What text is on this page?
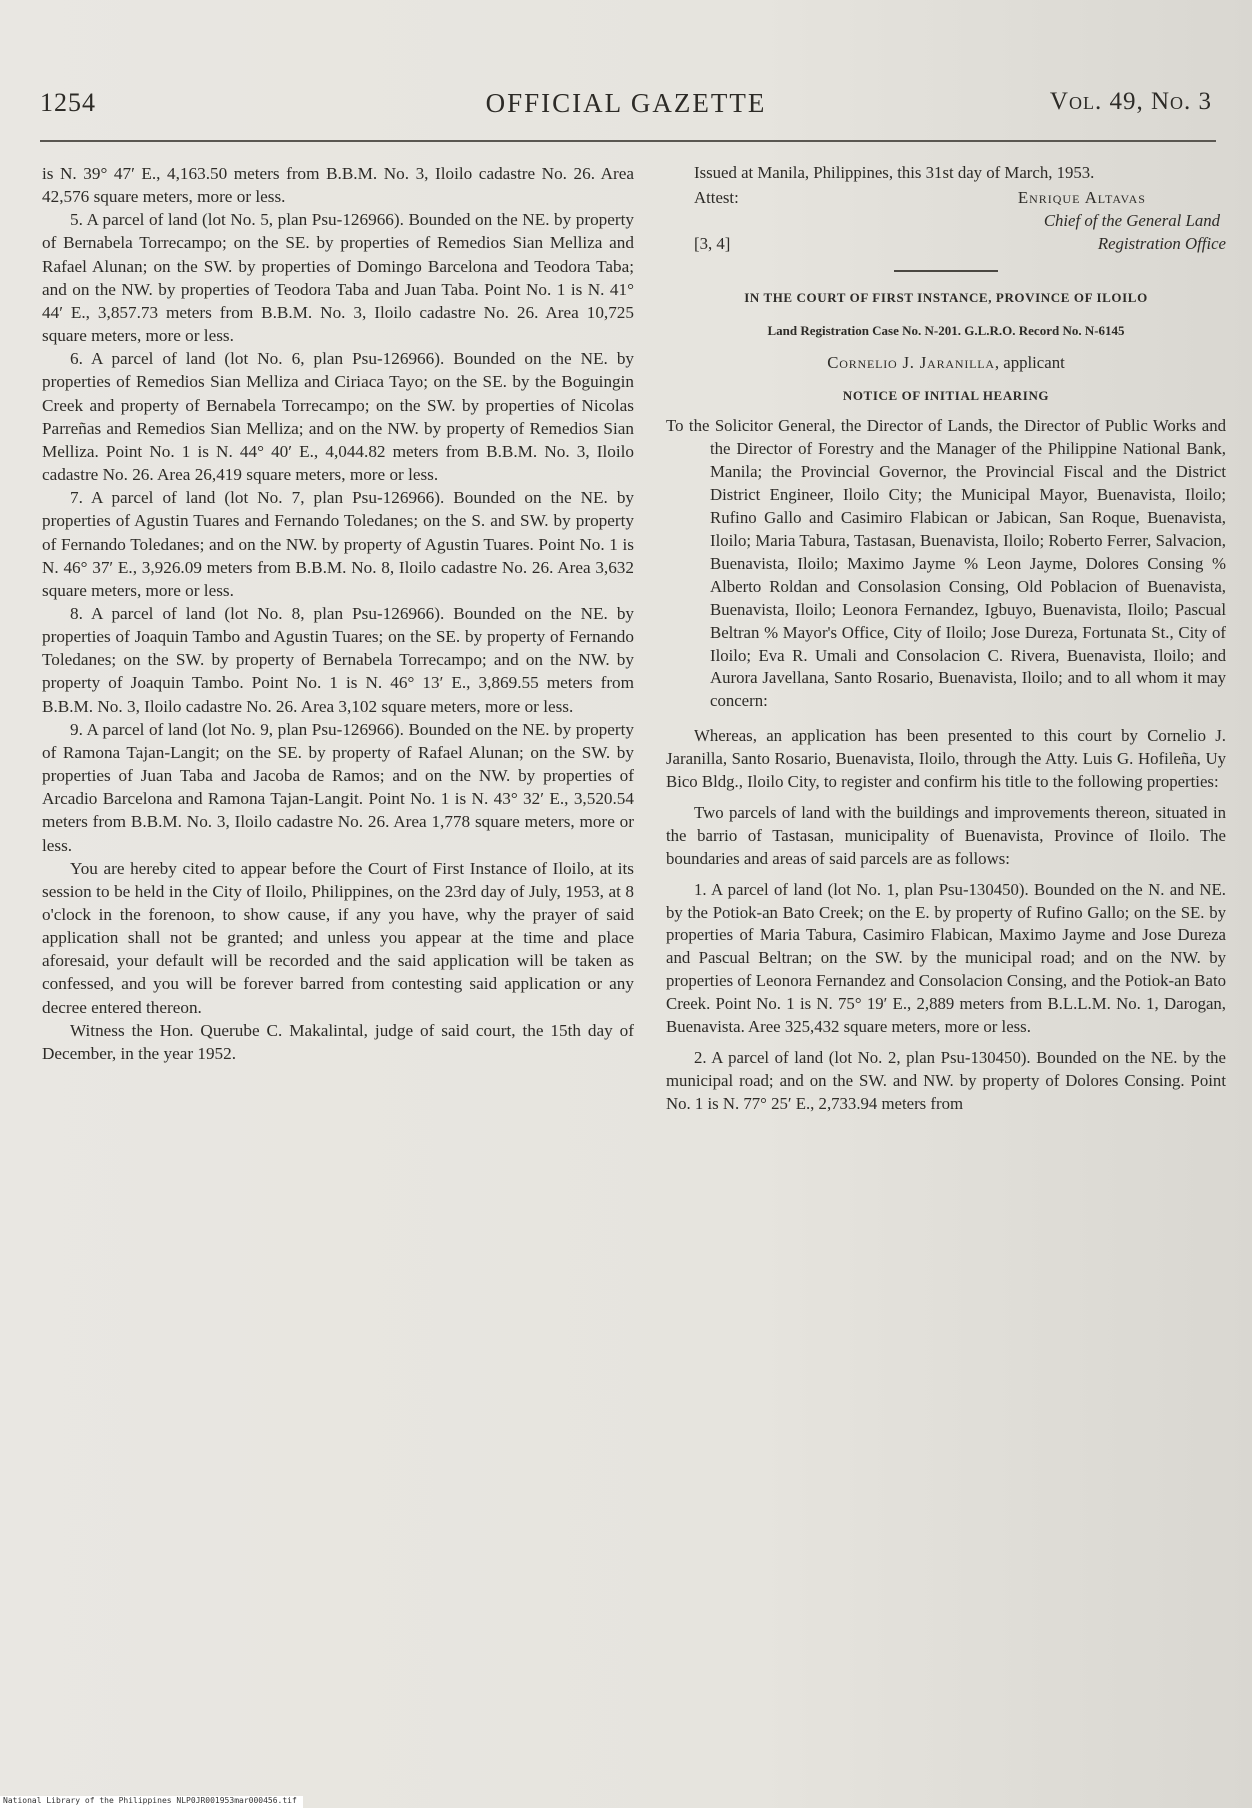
1254	OFFICIAL GAZETTE	Vol. 49, No. 3

is N. 39° 47′ E., 4,163.50 meters from B.B.M. No. 3, Iloilo cadastre No. 26. Area 42,576 square meters, more or less.

5. A parcel of land (lot No. 5, plan Psu-126966). Bounded on the NE. by property of Bernabela Torrecampo; on the SE. by properties of Remedios Sian Melliza and Rafael Alunan; on the SW. by properties of Domingo Barcelona and Teodora Taba; and on the NW. by properties of Teodora Taba and Juan Taba. Point No. 1 is N. 41° 44′ E., 3,857.73 meters from B.B.M. No. 3, Iloilo cadastre No. 26. Area 10,725 square meters, more or less.

6. A parcel of land (lot No. 6, plan Psu-126966). Bounded on the NE. by properties of Remedios Sian Melliza and Ciriaca Tayo; on the SE. by the Boguingin Creek and property of Bernabela Torrecampo; on the SW. by properties of Nicolas Parreñas and Remedios Sian Melliza; and on the NW. by property of Remedios Sian Melliza. Point No. 1 is N. 44° 40′ E., 4,044.82 meters from B.B.M. No. 3, Iloilo cadastre No. 26. Area 26,419 square meters, more or less.

7. A parcel of land (lot No. 7, plan Psu-126966). Bounded on the NE. by properties of Agustin Tuares and Fernando Toledanes; on the S. and SW. by property of Fernando Toledanes; and on the NW. by property of Agustin Tuares. Point No. 1 is N. 46° 37′ E., 3,926.09 meters from B.B.M. No. 8, Iloilo cadastre No. 26. Area 3,632 square meters, more or less.

8. A parcel of land (lot No. 8, plan Psu-126966). Bounded on the NE. by properties of Joaquin Tambo and Agustin Tuares; on the SE. by property of Fernando Toledanes; on the SW. by property of Bernabela Torrecampo; and on the NW. by property of Joaquin Tambo. Point No. 1 is N. 46° 13′ E., 3,869.55 meters from B.B.M. No. 3, Iloilo cadastre No. 26. Area 3,102 square meters, more or less.

9. A parcel of land (lot No. 9, plan Psu-126966). Bounded on the NE. by property of Ramona Tajan-Langit; on the SE. by property of Rafael Alunan; on the SW. by properties of Juan Taba and Jacoba de Ramos; and on the NW. by properties of Arcadio Barcelona and Ramona Tajan-Langit. Point No. 1 is N. 43° 32′ E., 3,520.54 meters from B.B.M. No. 3, Iloilo cadastre No. 26. Area 1,778 square meters, more or less.

You are hereby cited to appear before the Court of First Instance of Iloilo, at its session to be held in the City of Iloilo, Philippines, on the 23rd day of July, 1953, at 8 o'clock in the forenoon, to show cause, if any you have, why the prayer of said application shall not be granted; and unless you appear at the time and place aforesaid, your default will be recorded and the said application will be taken as confessed, and you will be forever barred from contesting said application or any decree entered thereon.

Witness the Hon. Querube C. Makalintal, judge of said court, the 15th day of December, in the year 1952.

Issued at Manila, Philippines, this 31st day of March, 1953.

Attest:	Enrique Altavas
Chief of the General Land
[3, 4]	Registration Office
IN THE COURT OF FIRST INSTANCE, PROVINCE OF ILOILO
Land Registration Case No. N-201. G.L.R.O. Record No. N-6145
Cornelio J. Jaranilla, applicant
NOTICE OF INITIAL HEARING

To the Solicitor General, the Director of Lands, the Director of Public Works and the Director of Forestry and the Manager of the Philippine National Bank, Manila; the Provincial Governor, the Provincial Fiscal and the District District Engineer, Iloilo City; the Municipal Mayor, Buenavista, Iloilo; Rufino Gallo and Casimiro Flabican or Jabican, San Roque, Buenavista, Iloilo; Maria Tabura, Tastasan, Buenavista, Iloilo; Roberto Ferrer, Salvacion, Buenavista, Iloilo; Maximo Jayme % Leon Jayme, Dolores Consing % Alberto Roldan and Consolasion Consing, Old Poblacion of Buenavista, Buenavista, Iloilo; Leonora Fernandez, Igbuyo, Buenavista, Iloilo; Pascual Beltran % Mayor's Office, City of Iloilo; Jose Dureza, Fortunata St., City of Iloilo; Eva R. Umali and Consolacion C. Rivera, Buenavista, Iloilo; and Aurora Javellana, Santo Rosario, Buenavista, Iloilo; and to all whom it may concern:

Whereas, an application has been presented to this court by Cornelio J. Jaranilla, Santo Rosario, Buenavista, Iloilo, through the Atty. Luis G. Hofileña, Uy Bico Bldg., Iloilo City, to register and confirm his title to the following properties:

Two parcels of land with the buildings and improvements thereon, situated in the barrio of Tastasan, municipality of Buenavista, Province of Iloilo. The boundaries and areas of said parcels are as follows:

1. A parcel of land (lot No. 1, plan Psu-130450). Bounded on the N. and NE. by the Potiok-an Bato Creek; on the E. by property of Rufino Gallo; on the SE. by properties of Maria Tabura, Casimiro Flabican, Maximo Jayme and Jose Dureza and Pascual Beltran; on the SW. by the municipal road; and on the NW. by properties of Leonora Fernandez and Consolacion Consing, and the Potiok-an Bato Creek. Point No. 1 is N. 75° 19′ E., 2,889 meters from B.L.L.M. No. 1, Darogan, Buenavista. Aree 325,432 square meters, more or less.

2. A parcel of land (lot No. 2, plan Psu-130450). Bounded on the NE. by the municipal road; and on the SW. and NW. by property of Dolores Consing. Point No. 1 is N. 77° 25′ E., 2,733.94 meters from

National Library of the Philippines NLP0JR001953mar000456.tif
